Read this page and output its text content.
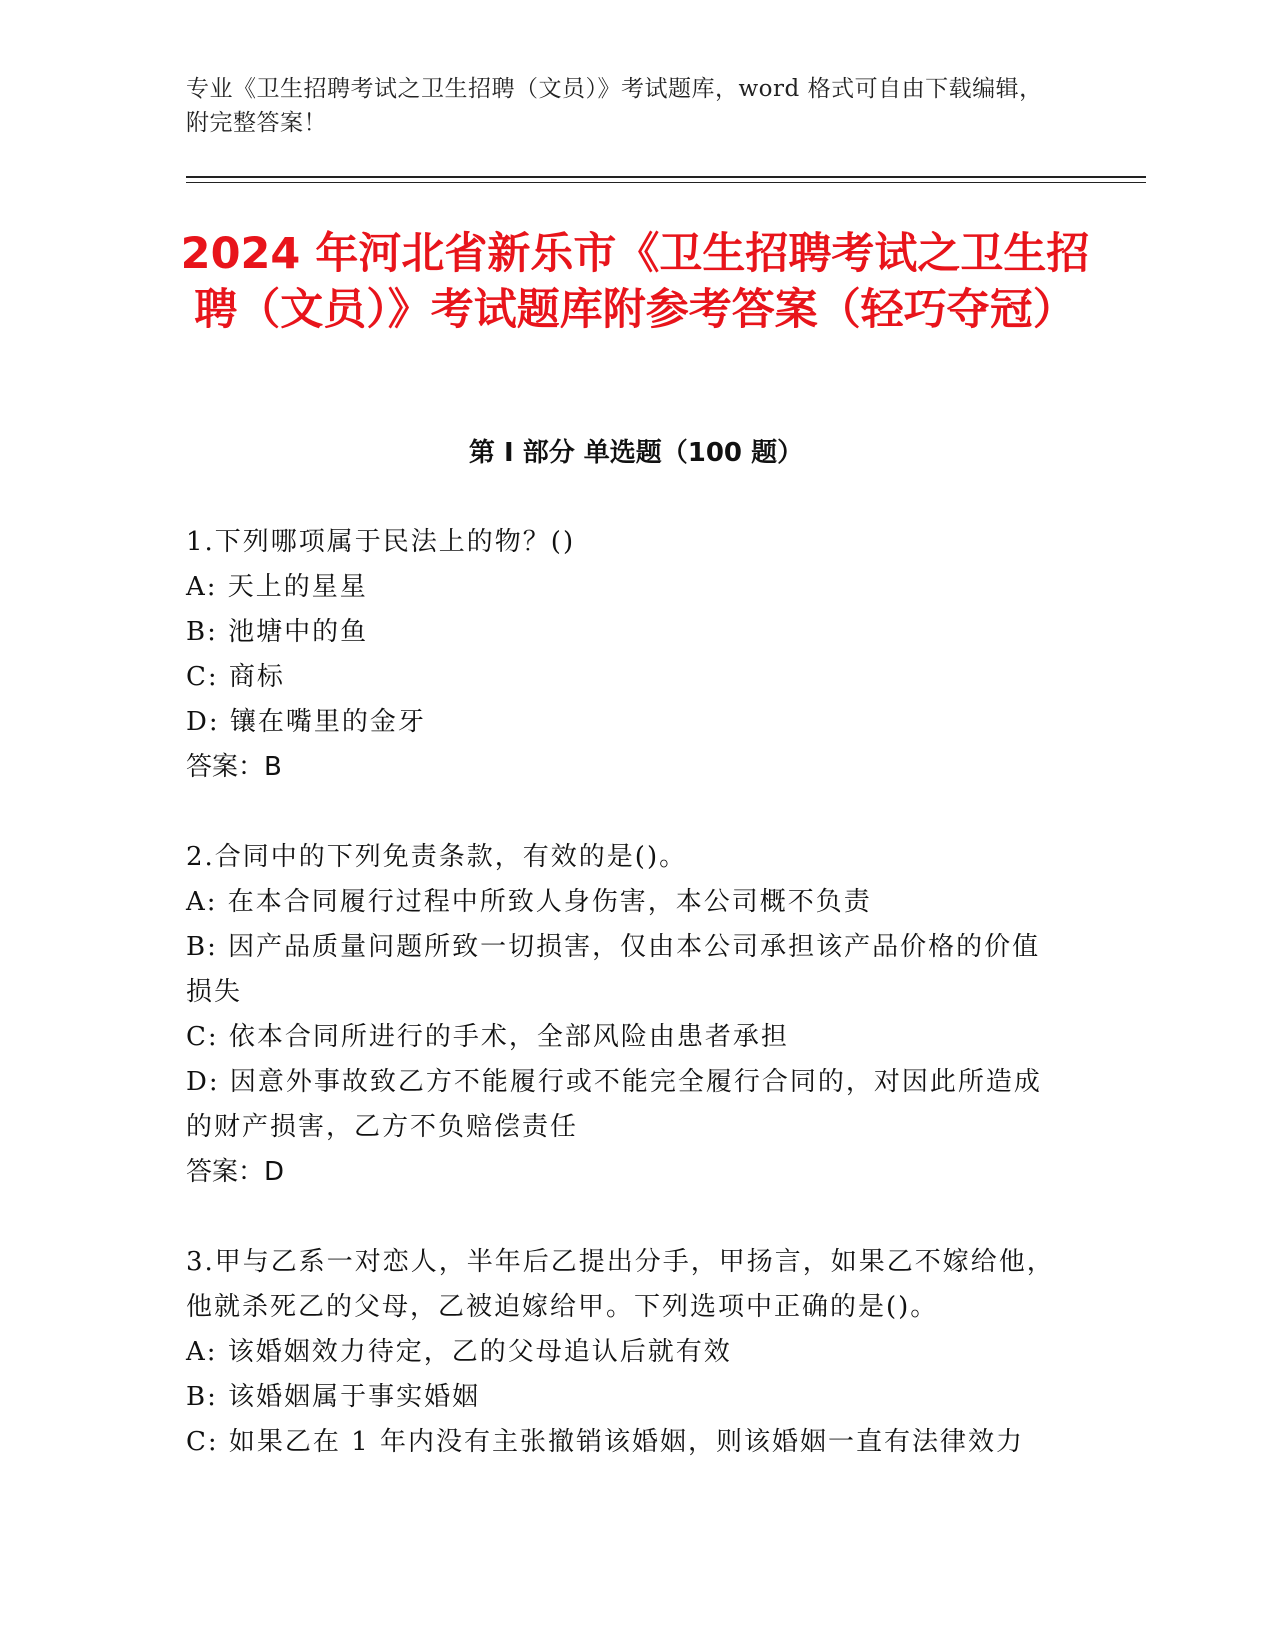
专业《卫生招聘考试之卫生招聘（文员）》考试题库，word 格式可自由下载编辑，附完整答案！
2024 年河北省新乐市《卫生招聘考试之卫生招聘（文员）》考试题库附参考答案（轻巧夺冠）
第 I 部分 单选题（100 题）
1.下列哪项属于民法上的物？()
A: 天上的星星
B: 池塘中的鱼
C: 商标
D: 镶在嘴里的金牙
答案：B
2.合同中的下列免责条款，有效的是()。
A: 在本合同履行过程中所致人身伤害，本公司概不负责
B: 因产品质量问题所致一切损害，仅由本公司承担该产品价格的价值损失
C: 依本合同所进行的手术，全部风险由患者承担
D: 因意外事故致乙方不能履行或不能完全履行合同的，对因此所造成的财产损害，乙方不负赔偿责任
答案：D
3.甲与乙系一对恋人，半年后乙提出分手，甲扬言，如果乙不嫁给他，他就杀死乙的父母，乙被迫嫁给甲。下列选项中正确的是()。
A: 该婚姻效力待定，乙的父母追认后就有效
B: 该婚姻属于事实婚姻
C: 如果乙在 1 年内没有主张撤销该婚姻，则该婚姻一直有法律效力
